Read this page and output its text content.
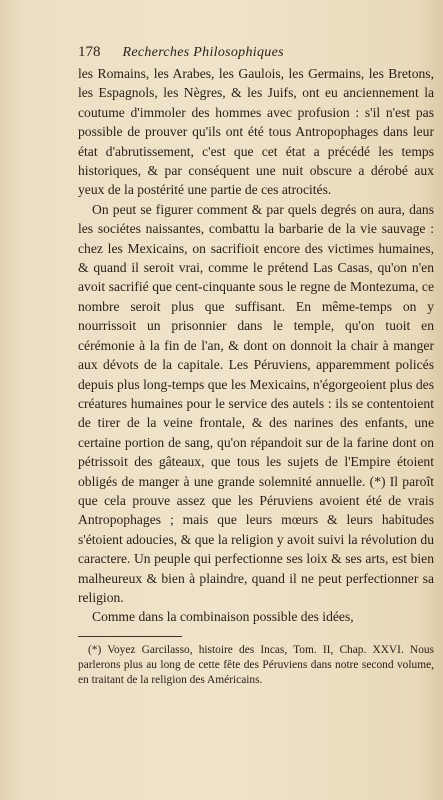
178 Recherches Philosophiques

les Romains, les Arabes, les Gaulois, les Germains, les Bretons, les Espagnols, les Nègres, & les Juifs, ont eu anciennement la coutume d'immoler des hommes avec profusion : s'il n'est pas possible de prouver qu'ils ont été tous Antropophages dans leur état d'abrutissement, c'est que cet état a précédé les temps historiques, & par conséquent une nuit obscure a dérobé aux yeux de la postérité une partie de ces atrocités.

On peut se figurer comment & par quels degrés on aura, dans les sociétes naissantes, combattu la barbarie de la vie sauvage : chez les Mexicains, on sacrifioit encore des victimes humaines, & quand il seroit vrai, comme le prétend Las Casas, qu'on n'en avoit sacrifié que cent-cinquante sous le regne de Montezuma, ce nombre seroit plus que suffisant. En même-temps on y nourrissoit un prisonnier dans le temple, qu'on tuoit en cérémonie à la fin de l'an, & dont on donnoit la chair à manger aux dévots de la capitale. Les Péruviens, apparemment policés depuis plus long-temps que les Mexicains, n'égorgeoient plus des créatures humaines pour le service des autels : ils se contentoient de tirer de la veine frontale, & des narines des enfants, une certaine portion de sang, qu'on répandoit sur de la farine dont on pétrissoit des gâteaux, que tous les sujets de l'Empire étoient obligés de manger à une grande solemnité annuelle. (*) Il paroît que cela prouve assez que les Péruviens avoient été de vrais Antropophages ; mais que leurs mœurs & leurs habitudes s'étoient adoucies, & que la religion y avoit suivi la révolution du caractere. Un peuple qui perfectionne ses loix & ses arts, est bien malheureux & bien à plaindre, quand il ne peut perfectionner sa religion.

Comme dans la combinaison possible des idées,

(*) Voyez Garcilasso, histoire des Incas, Tom. II, Chap. XXVI. Nous parlerons plus au long de cette fête des Péruviens dans notre second volume, en traitant de la religion des Américains.
